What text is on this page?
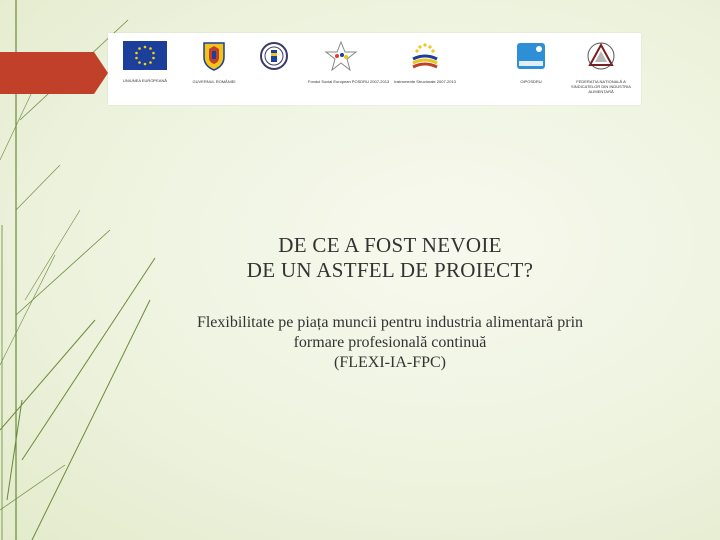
UNIUNEA EUROPEANĂ	GUVERNUL ROMÂNIEI	Fondul Social European POSDRU 2007-2013	Instrumente Structurale 2007-2013	OIPOSDRU	FEDERAȚIA NAȚIONALĂ A SINDICATELOR DIN INDUSTRIA ALIMENTARĂ
DE CE A FOST NEVOIE
DE UN ASTFEL DE PROIECT?
Flexibilitate pe piața muncii pentru industria alimentară prin
formare profesională continuă
(FLEXI-IA-FPC)
